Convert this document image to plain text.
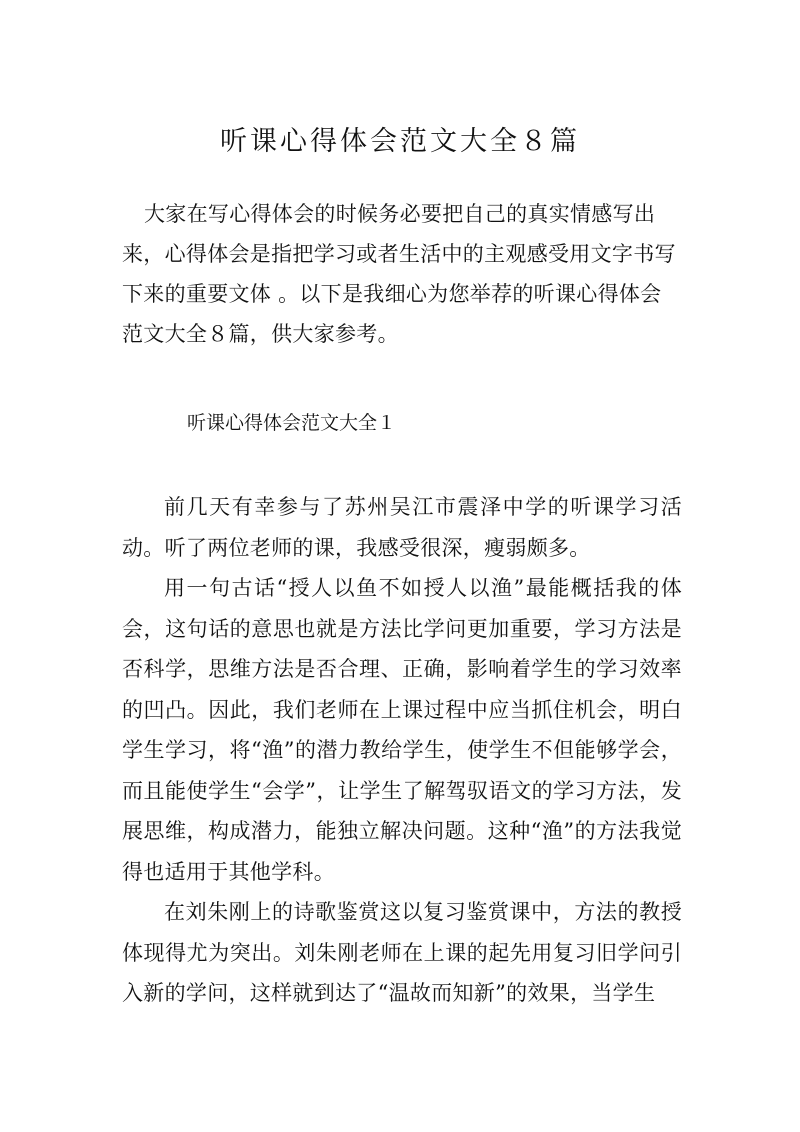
听课心得体会范文大全８篇

大家在写心得体会的时候务必要把自己的真实情感写出来，心得体会是指把学习或者生活中的主观感受用文字书写下来的重要文体 。以下是我细心为您举荐的听课心得体会范文大全８篇，供大家参考。

听课心得体会范文大全１

前几天有幸参与了苏州吴江市震泽中学的听课学习活动。听了两位老师的课，我感受很深，瘦弱颇多。

用一句古话“授人以鱼不如授人以渔”最能概括我的体会，这句话的意思也就是方法比学问更加重要，学习方法是否科学，思维方法是否合理、正确，影响着学生的学习效率的凹凸。因此，我们老师在上课过程中应当抓住机会，明白学生学习，将“渔”的潜力教给学生，使学生不但能够学会，而且能使学生“会学”，让学生了解驾驭语文的学习方法，发展思维，构成潜力，能独立解决问题。这种“渔”的方法我觉得也适用于其他学科。

在刘朱刚上的诗歌鉴赏这以复习鉴赏课中，方法的教授体现得尤为突出。刘朱刚老师在上课的起先用复习旧学问引入新的学问，这样就到达了“温故而知新”的效果，当学生
